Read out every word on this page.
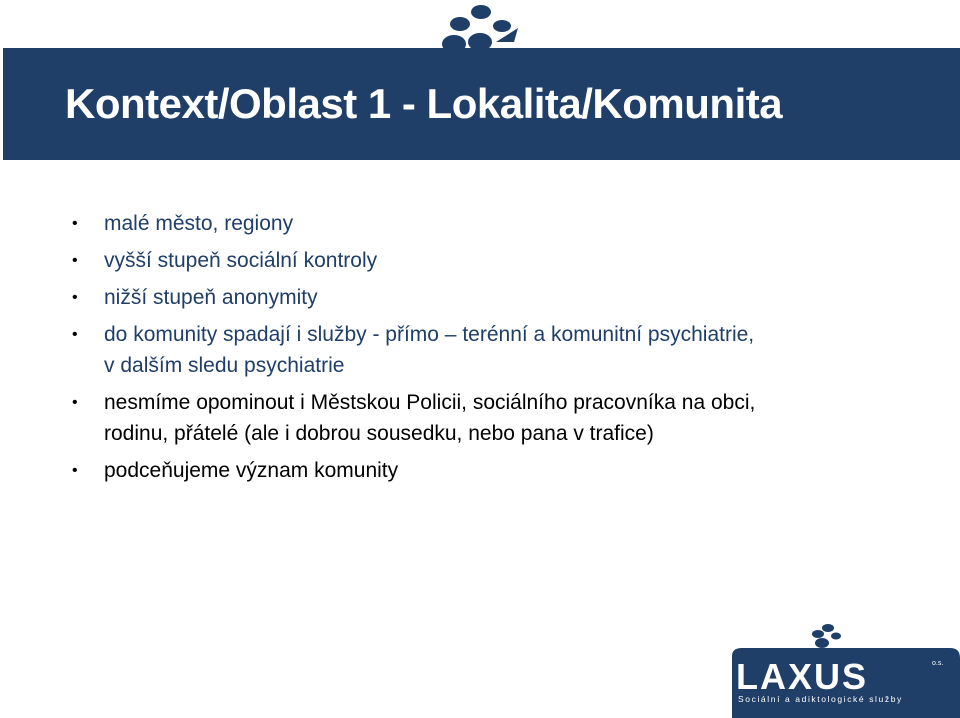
Kontext/Oblast 1 - Lokalita/Komunita
• malé město, regiony
• vyšší stupeň sociální kontroly
• nižší stupeň anonymity
• do komunity spadají i služby - přímo – terénní a komunitní psychiatrie,
v dalším sledu psychiatrie
• nesmíme opominout i Městskou Policii, sociálního pracovníka na obci,
rodinu, přátelé (ale i dobrou sousedku, nebo pana v trafice)
• podceňujeme význam komunity
LAXUS	o.s.
Sociální a adiktologické služby
